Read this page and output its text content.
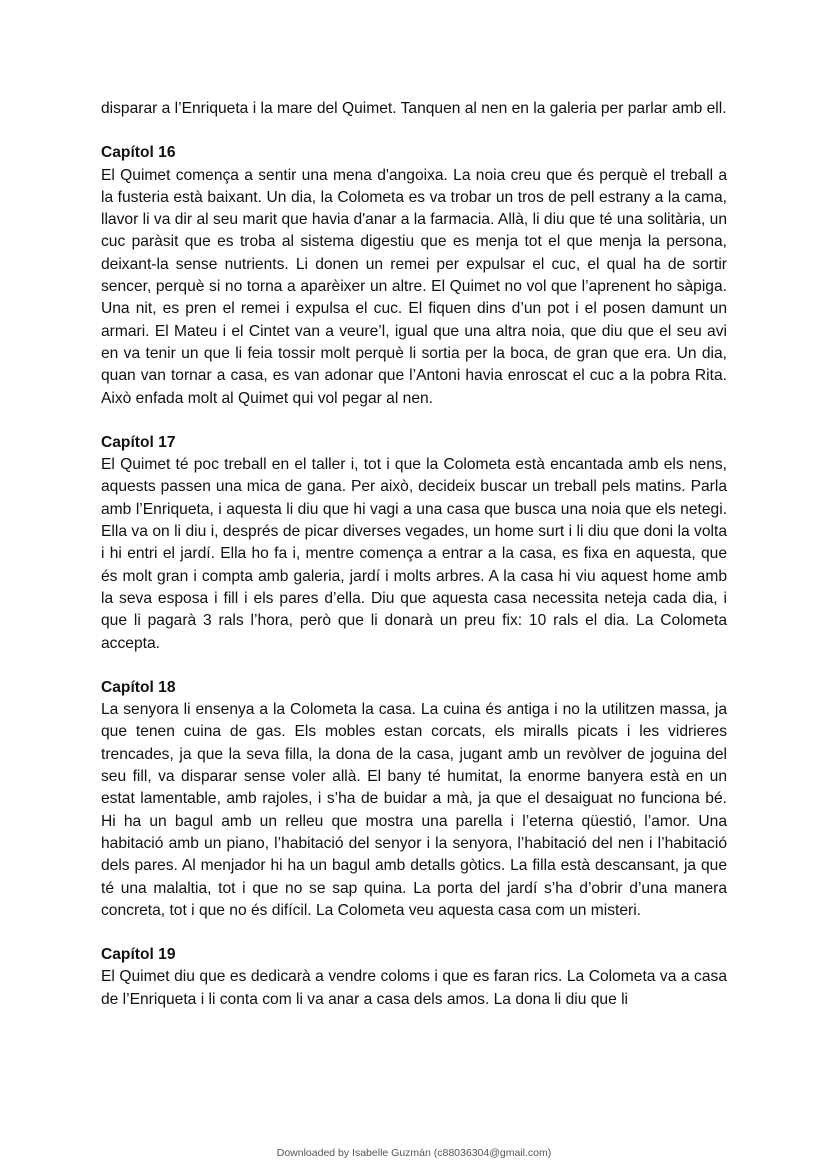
disparar a l’Enriqueta i la mare del Quimet. Tanquen al nen en la galeria per parlar amb ell.

Capítol 16

El Quimet comença a sentir una mena d'angoixa. La noia creu que és perquè el treball a la fusteria està baixant. Un dia, la Colometa es va trobar un tros de pell estrany a la cama, llavor li va dir al seu marit que havia d'anar a la farmacia. Allà, li diu que té una solitària, un cuc paràsit que es troba al sistema digestiu que es menja tot el que menja la persona, deixant-la sense nutrients. Li donen un remei per expulsar el cuc, el qual ha de sortir sencer, perquè si no torna a aparèixer un altre. El Quimet no vol que l’aprenent ho sàpiga. Una nit, es pren el remei i expulsa el cuc. El fiquen dins d’un pot i el posen damunt un armari. El Mateu i el Cintet van a veure’l, igual que una altra noia, que diu que el seu avi en va tenir un que li feia tossir molt perquè li sortia per la boca, de gran que era. Un dia, quan van tornar a casa, es van adonar que l’Antoni havia enroscat el cuc a la pobra Rita. Això enfada molt al Quimet qui vol pegar al nen.

Capítol 17

El Quimet té poc treball en el taller i, tot i que la Colometa està encantada amb els nens, aquests passen una mica de gana. Per això, decideix buscar un treball pels matins. Parla amb l’Enriqueta, i aquesta li diu que hi vagi a una casa que busca una noia que els netegi. Ella va on li diu i, després de picar diverses vegades, un home surt i li diu que doni la volta i hi entri el jardí. Ella ho fa i, mentre comença a entrar a la casa, es fixa en aquesta, que és molt gran i compta amb galeria, jardí i molts arbres. A la casa hi viu aquest home amb la seva esposa i fill i els pares d’ella. Diu que aquesta casa necessita neteja cada dia, i que li pagarà 3 rals l’hora, però que li donarà un preu fix: 10 rals el dia. La Colometa accepta.

Capítol 18

La senyora li ensenya a la Colometa la casa. La cuina és antiga i no la utilitzen massa, ja que tenen cuina de gas. Els mobles estan corcats, els miralls picats i les vidrieres trencades, ja que la seva filla, la dona de la casa, jugant amb un revòlver de joguina del seu fill, va disparar sense voler allà. El bany té humitat, la enorme banyera està en un estat lamentable, amb rajoles, i s’ha de buidar a mà, ja que el desaiguat no funciona bé. Hi ha un bagul amb un relleu que mostra una parella i l’eterna qüestió, l’amor. Una habitació amb un piano, l’habitació del senyor i la senyora, l’habitació del nen i l’habitació dels pares. Al menjador hi ha un bagul amb detalls gòtics. La filla està descansant, ja que té una malaltia, tot i que no se sap quina. La porta del jardí s’ha d’obrir d’una manera concreta, tot i que no és difícil. La Colometa veu aquesta casa com un misteri.

Capítol 19

El Quimet diu que es dedicarà a vendre coloms i que es faran rics. La Colometa va a casa de l’Enriqueta i li conta com li va anar a casa dels amos. La dona li diu que li

Downloaded by Isabelle Guzmán (c88036304@gmail.com)
